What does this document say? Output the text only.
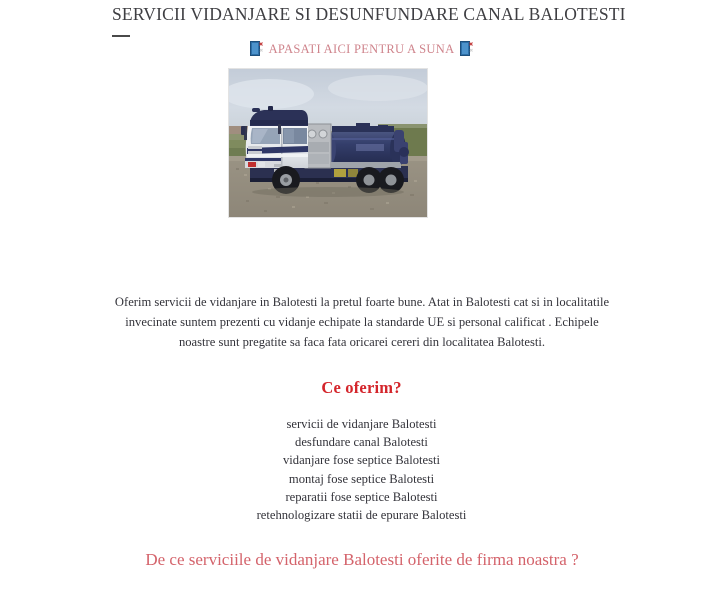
SERVICII VIDANJARE SI DESUNFUNDARE CANAL BALOTESTI
APASATI AICI PENTRU A SUNA

Oferim servicii de vidanjare in Balotesti la pretul foarte bune. Atat in Balotesti cat si in localitatile invecinate suntem prezenti cu vidanje echipate la standarde UE si personal calificat . Echipele noastre sunt pregatite sa faca fata oricarei cereri din localitatea Balotesti.

Ce oferim?
servicii de vidanjare Balotesti
desfundare canal Balotesti
vidanjare fose septice Balotesti
montaj fose septice Balotesti
reparatii fose septice Balotesti
retehnologizare statii de epurare Balotesti
De ce serviciile de vidanjare Balotesti oferite de firma noastra ?
